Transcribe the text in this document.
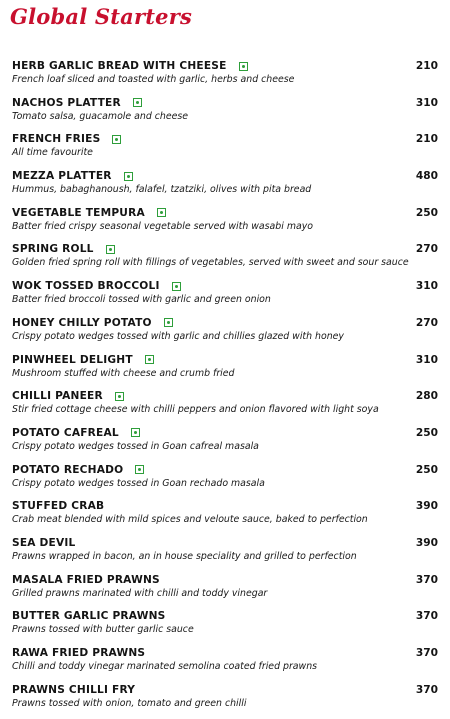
Global Starters
HERB GARLIC BREAD WITH CHEESE
French loaf sliced and toasted with garlic, herbs and cheese
210
NACHOS PLATTER
Tomato salsa, guacamole and cheese
310
FRENCH FRIES
All time favourite
210
MEZZA PLATTER
Hummus, babaghanoush, falafel, tzatziki, olives with pita bread
480
VEGETABLE TEMPURA
Batter fried crispy seasonal vegetable served with wasabi mayo
250
SPRING ROLL
Golden fried spring roll with fillings of vegetables, served with sweet and sour sauce
270
WOK TOSSED BROCCOLI
Batter fried broccoli tossed with garlic and green onion
310
HONEY CHILLY POTATO
Crispy potato wedges tossed with garlic and chillies glazed with honey
270
PINWHEEL DELIGHT
Mushroom stuffed with cheese and crumb fried
310
CHILLI PANEER
Stir fried cottage cheese with chilli peppers and onion flavored with light soya
280
POTATO CAFREAL
Crispy potato wedges tossed in Goan cafreal masala
250
POTATO RECHADO
Crispy potato wedges tossed in Goan rechado masala
250
STUFFED CRAB
Crab meat blended with mild spices and veloute sauce, baked to perfection
390
SEA DEVIL
Prawns wrapped in bacon, an in house speciality and grilled to perfection
390
MASALA FRIED PRAWNS
Grilled prawns marinated with chilli and toddy vinegar
370
BUTTER GARLIC PRAWNS
Prawns tossed with butter garlic sauce
370
RAWA FRIED PRAWNS
Chilli and toddy vinegar marinated semolina coated fried prawns
370
PRAWNS CHILLI FRY
Prawns tossed with onion, tomato and green chilli
370
